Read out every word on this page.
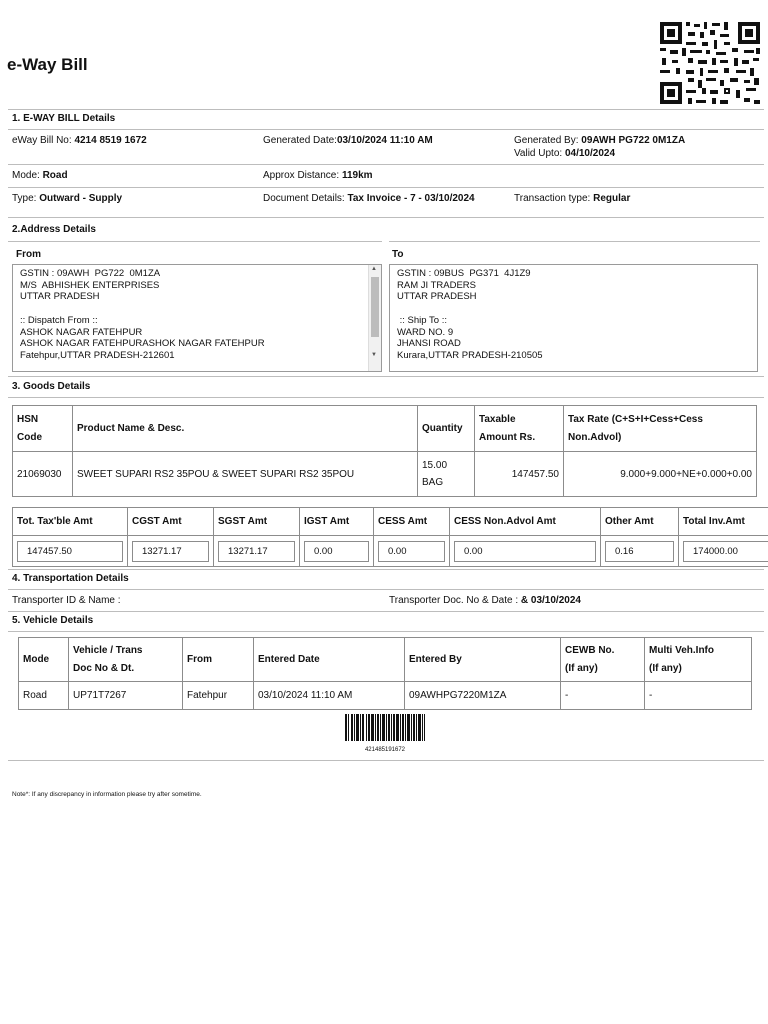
e-Way Bill
1. E-WAY BILL Details
eWay Bill No: 4214 8519 1672	Generated Date:03/10/2024 11:10 AM	Generated By: 09AWH PG722 0M1ZA
Valid Upto: 04/10/2024
Mode: Road	Approx Distance: 119km
Type: Outward - Supply	Document Details: Tax Invoice - 7 - 03/10/2024	Transaction type: Regular
2.Address Details
From	To
GSTIN : 09AWH  PG722  0M1ZA
M/S  ABHISHEK ENTERPRISES
UTTAR PRADESH

:: Dispatch From ::
ASHOK NAGAR FATEHPUR
ASHOK NAGAR FATEHPURASHOK NAGAR FATEHPUR
Fatehpur,UTTAR PRADESH-212601
▲
▼
GSTIN : 09BUS  PG371  4J1Z9
RAM JI TRADERS
UTTAR PRADESH

:: Ship To ::
WARD NO. 9
JHANSI ROAD
Kurara,UTTAR PRADESH-210505
3. Goods Details
HSN
Code	Product Name & Desc.	Quantity	Taxable
Amount Rs.	Tax Rate (C+S+I+Cess+Cess
Non.Advol)
21069030	SWEET SUPARI RS2 35POU & SWEET SUPARI RS2 35POU	15.00
BAG	147457.50	9.000+9.000+NE+0.000+0.00
Tot. Tax'ble Amt	CGST Amt	SGST Amt	IGST Amt	CESS Amt	CESS Non.Advol Amt	Other Amt	Total Inv.Amt

147457.50	13271.17	13271.17	0.00	0.00	0.00	0.16	174000.00
4. Transportation Details
Transporter ID & Name :	Transporter Doc. No & Date : & 03/10/2024
5. Vehicle Details
Mode	Vehicle / Trans
Doc No & Dt.	From	Entered Date	Entered By	CEWB No.
(If any)	Multi Veh.Info
(If any)
Road	UP71T7267	Fatehpur	03/10/2024 11:10 AM	09AWHPG7220M1ZA	-	-
421485191672
Note*: If any discrepancy in information please try after sometime.
